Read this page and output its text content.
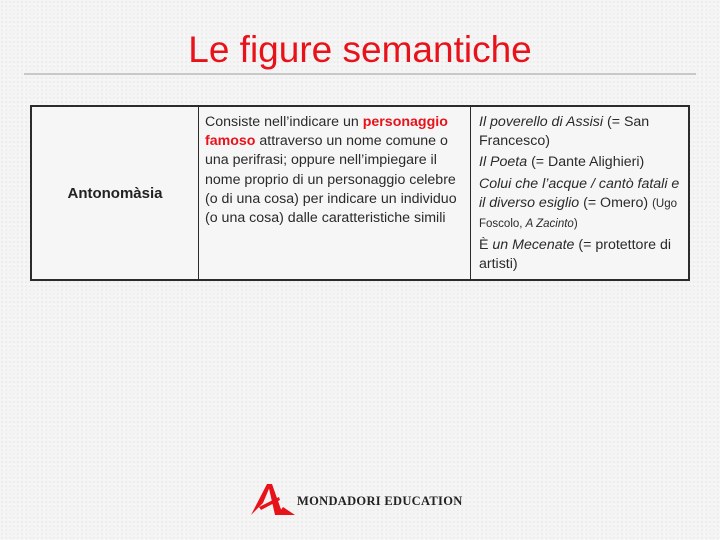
Le figure semantiche
Antonomàsia
Consiste nell’indicare un personaggio famoso attraverso un nome comune o una perifrasi; oppure nell’impiegare il nome proprio di un personaggio celebre (o di una cosa) per indicare un individuo (o una cosa) dalle caratteristiche simili

Il poverello di Assisi (= San Francesco)

Il Poeta (= Dante Alighieri)

Colui che l’acque / cantò fatali e il diverso esiglio (= Omero) (Ugo Foscolo, A Zacinto)

È un Mecenate (= protettore di artisti)

MONDADORI EDUCATION
